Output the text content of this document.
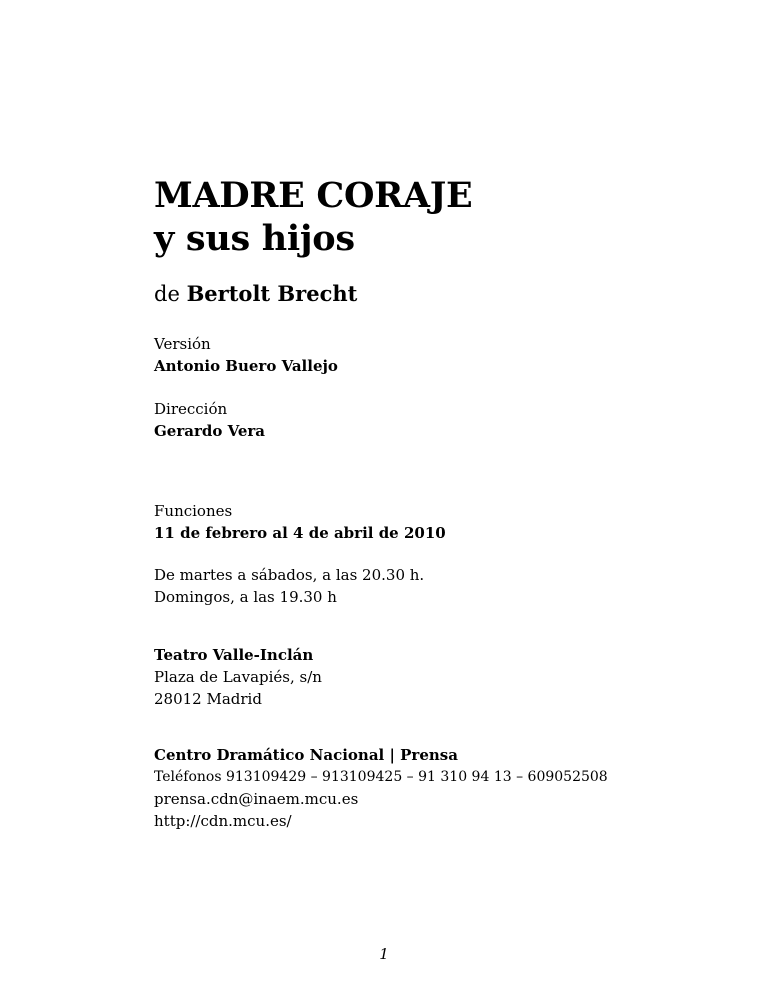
MADRE CORAJE
y sus hijos
de Bertolt Brecht
Versión
Antonio Buero Vallejo
Dirección
Gerardo Vera
Funciones
11 de febrero al 4 de abril de 2010
De martes a sábados, a las 20.30 h.
Domingos, a las 19.30 h
Teatro Valle-Inclán
Plaza de Lavapiés, s/n
28012 Madrid
Centro Dramático Nacional | Prensa
Teléfonos 913109429 – 913109425 – 91 310 94 13 – 609052508
prensa.cdn@inaem.mcu.es
http://cdn.mcu.es/
1
